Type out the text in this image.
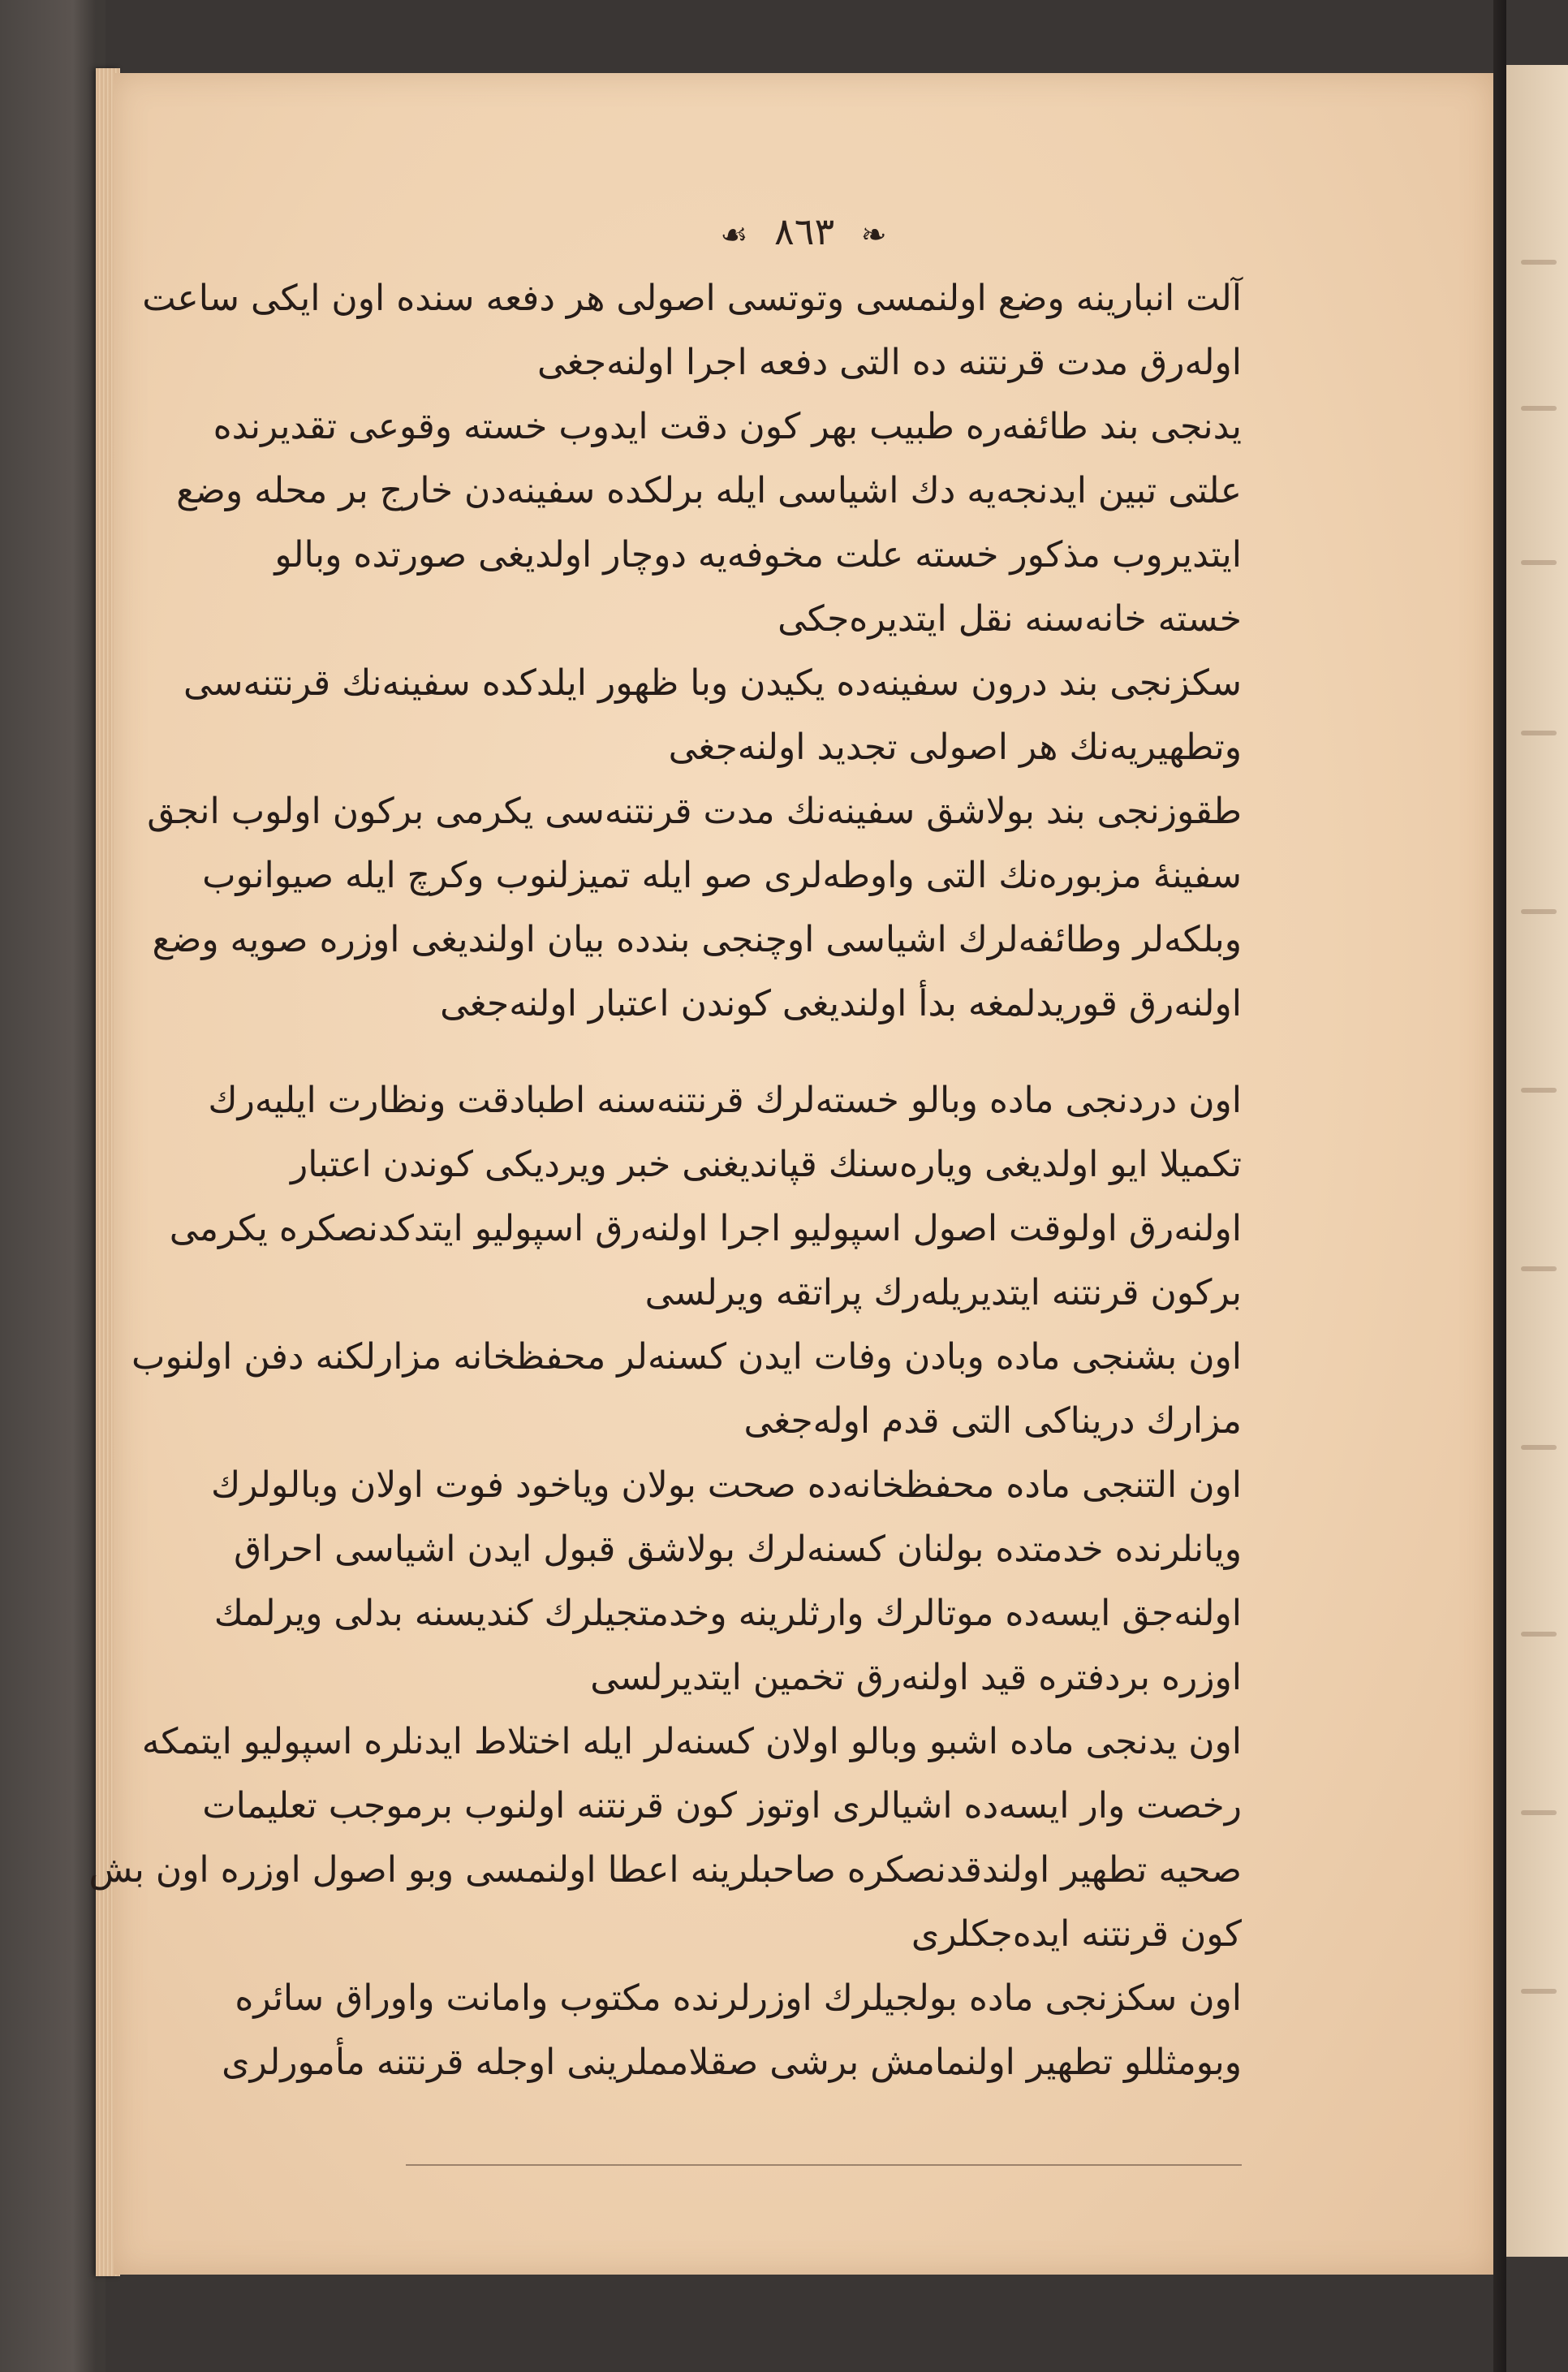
❧ ٨٦٣ ☙
آلت انبارینه وضع اولنمسی وتوتسی اصولی هر دفعه سنده اون ایکی ساعت
اوله‌رق مدت قرنتنه ده التی دفعه اجرا اولنه‌جغی
یدنجی بند طائفه‌ره طبیب بهر کون دقت ایدوب خسته وقوعی تقدیرنده
علتی تبین ایدنجه‌یه دك اشیاسی ایله برلکده سفینه‌دن خارج بر محله وضع
ایتدیروب مذکور خسته علت مخوفه‌یه دوچار اولدیغی صورتده وبالو
خسته خانه‌سنه نقل ایتدیره‌جکی
سکزنجی بند درون سفینه‌ده یکیدن وبا ظهور ایلدکده سفینه‌نك قرنتنه‌سی
وتطهیریه‌نك هر اصولی تجدید اولنه‌جغی
طقوزنجی بند بولاشق سفینه‌نك مدت قرنتنه‌سی یکرمی برکون اولوب انجق
سفینهٔ مزبوره‌نك التی واوطه‌لری صو ایله تمیزلنوب وکرچ ایله صیوانوب
وبلکه‌لر وطائفه‌لرك اشیاسی اوچنجی بندده بیان اولندیغی اوزره صویه وضع
اولنه‌رق قوریدلمغه بدأ اولندیغی کوندن اعتبار اولنه‌جغی
اون دردنجی ماده وبالو خسته‌لرك قرنتنه‌سنه اطبادقت ونظارت ایلیه‌رك
تکمیلا ایو اولدیغی ویاره‌سنك قپاندیغنی خبر ویردیکی کوندن اعتبار
اولنه‌رق اولوقت اصول اسپولیو اجرا اولنه‌رق اسپولیو ایتدکدنصکره یکرمی
برکون قرنتنه ایتدیریله‌رك پراتقه ویرلسی
اون بشنجی ماده وبادن وفات ایدن کسنه‌لر محفظخانه مزارلکنه دفن اولنوب
مزارك دریناکی التی قدم اوله‌جغی
اون التنجی ماده محفظخانه‌ده صحت بولان ویاخود فوت اولان وبالولرك
ویانلرنده خدمتده بولنان کسنه‌لرك بولاشق قبول ایدن اشیاسی احراق
اولنه‌جق ایسه‌ده موتالرك وارثلرینه وخدمتجیلرك کندیسنه بدلی ویرلمك
اوزره بردفتره قید اولنه‌رق تخمین ایتدیرلسی
اون یدنجی ماده اشبو وبالو اولان کسنه‌لر ایله اختلاط ایدنلره اسپولیو ایتمکه
رخصت وار ایسه‌ده اشیالری اوتوز کون قرنتنه اولنوب برموجب تعلیمات
صحیه تطهیر اولندقدنصکره صاحبلرینه اعطا اولنمسی وبو اصول اوزره اون بش
کون قرنتنه ایده‌جکلری
اون سکزنجی ماده بولجیلرك اوزرلرنده مکتوب وامانت واوراق سائره
وبومثللو تطهیر اولنمامش برشی صقلامملرینی اوجله قرنتنه مأمورلری
